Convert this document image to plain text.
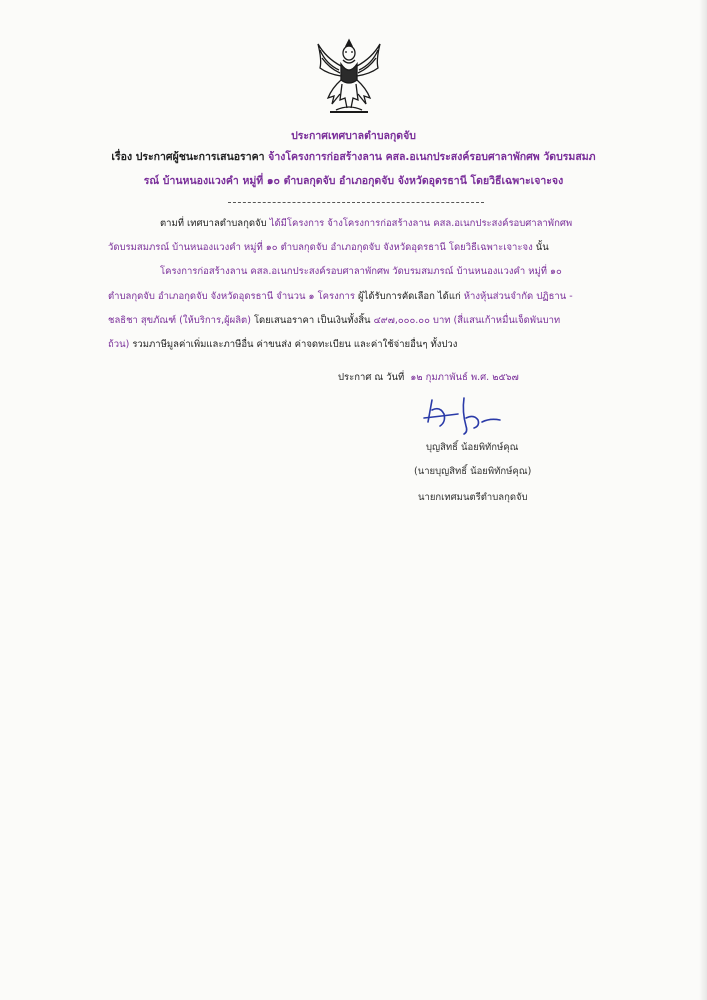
ประกาศเทศบาลตำบลกุดจับ
เรื่อง ประกาศผู้ชนะการเสนอราคา จ้างโครงการก่อสร้างลาน คสล.อเนกประสงค์รอบศาลาพักศพ วัดบรมสมภ
รณ์ บ้านหนองแวงคำ หมู่ที่ ๑๐ ตำบลกุดจับ อำเภอกุดจับ จังหวัดอุดรธานี โดยวิธีเฉพาะเจาะจง
ตามที่ เทศบาลตำบลกุดจับ ได้มีโครงการ จ้างโครงการก่อสร้างลาน คสล.อเนกประสงค์รอบศาลาพักศพ
วัดบรมสมภรณ์ บ้านหนองแวงคำ หมู่ที่ ๑๐ ตำบลกุดจับ อำเภอกุดจับ จังหวัดอุดรธานี โดยวิธีเฉพาะเจาะจง นั้น
โครงการก่อสร้างลาน คสล.อเนกประสงค์รอบศาลาพักศพ วัดบรมสมภรณ์ บ้านหนองแวงคำ หมู่ที่ ๑๐
ตำบลกุดจับ อำเภอกุดจับ จังหวัดอุดรธานี จำนวน ๑ โครงการ ผู้ได้รับการคัดเลือก ได้แก่ ห้างหุ้นส่วนจำกัด ปฏิธาน -
ชลธิชา สุขภัณฑ์ (ให้บริการ,ผู้ผลิต) โดยเสนอราคา เป็นเงินทั้งสิ้น ๔๙๗,๐๐๐.๐๐ บาท (สี่แสนเก้าหมื่นเจ็ดพันบาท
ถ้วน) รวมภาษีมูลค่าเพิ่มและภาษีอื่น ค่าขนส่ง ค่าจดทะเบียน และค่าใช้จ่ายอื่นๆ ทั้งปวง
ประกาศ ณ วันที่ ๑๒ กุมภาพันธ์ พ.ศ. ๒๕๖๗
บุญสิทธิ์ น้อยพิทักษ์คุณ
(นายบุญสิทธิ์ น้อยพิทักษ์คุณ)
นายกเทศมนตรีตำบลกุดจับ
